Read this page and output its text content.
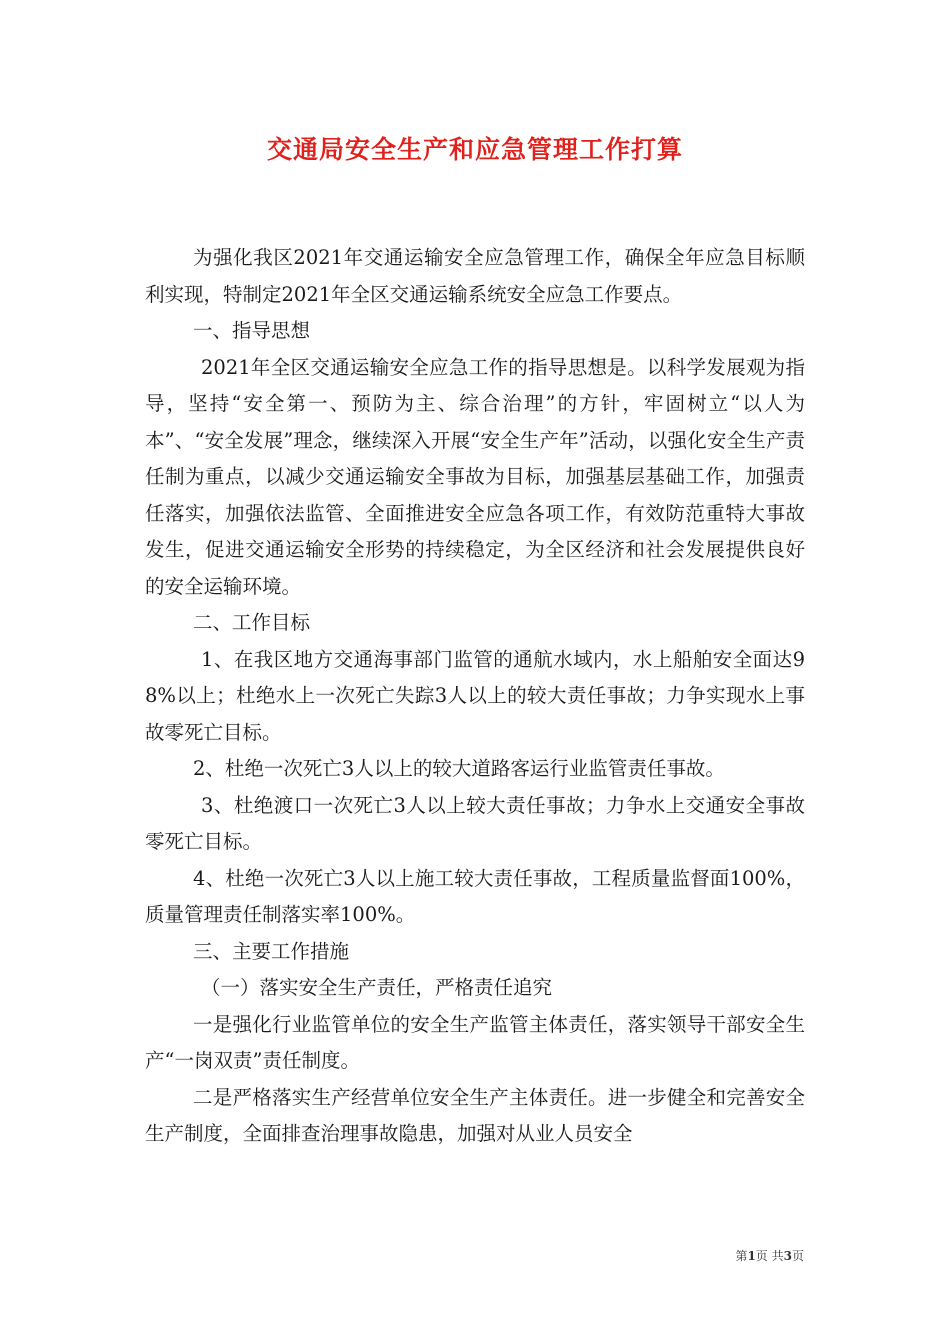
交通局安全生产和应急管理工作打算

为强化我区2021年交通运输安全应急管理工作，确保全年应急目标顺利实现，特制定2021年全区交通运输系统安全应急工作要点。

一、指导思想

2021年全区交通运输安全应急工作的指导思想是。以科学发展观为指导，坚持“安全第一、预防为主、综合治理”的方针，牢固树立“以人为本”、“安全发展”理念，继续深入开展“安全生产年”活动，以强化安全生产责任制为重点，以减少交通运输安全事故为目标，加强基层基础工作，加强责任落实，加强依法监管、全面推进安全应急各项工作，有效防范重特大事故发生，促进交通运输安全形势的持续稳定，为全区经济和社会发展提供良好的安全运输环境。

二、工作目标

1、在我区地方交通海事部门监管的通航水域内，水上船舶安全面达98%以上；杜绝水上一次死亡失踪3人以上的较大责任事故；力争实现水上事故零死亡目标。

2、杜绝一次死亡3人以上的较大道路客运行业监管责任事故。

3、杜绝渡口一次死亡3人以上较大责任事故；力争水上交通安全事故零死亡目标。

4、杜绝一次死亡3人以上施工较大责任事故，工程质量监督面100%，质量管理责任制落实率100%。

三、主要工作措施

（一）落实安全生产责任，严格责任追究

一是强化行业监管单位的安全生产监管主体责任，落实领导干部安全生产“一岗双责”责任制度。

二是严格落实生产经营单位安全生产主体责任。进一步健全和完善安全生产制度，全面排查治理事故隐患，加强对从业人员安全

第1页 共3页
